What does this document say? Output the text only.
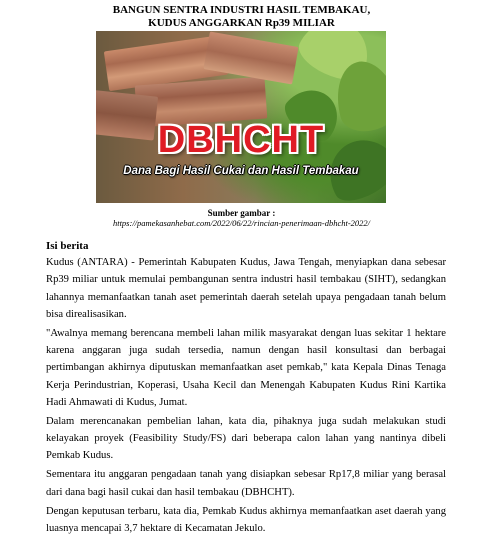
BANGUN SENTRA INDUSTRI HASIL TEMBAKAU,
KUDUS ANGGARKAN Rp39 MILIAR
DBHCHT
Dana Bagi Hasil Cukai dan Hasil Tembakau
Sumber gambar :
https://pamekasanhebat.com/2022/06/22/rincian-penerimaan-dbhcht-2022/
Isi berita

Kudus (ANTARA) - Pemerintah Kabupaten Kudus, Jawa Tengah, menyiapkan dana sebesar Rp39 miliar untuk memulai pembangunan sentra industri hasil tembakau (SIHT), sedangkan lahannya memanfaatkan tanah aset pemerintah daerah setelah upaya pengadaan tanah belum bisa direalisasikan.

"Awalnya memang berencana membeli lahan milik masyarakat dengan luas sekitar 1 hektare karena anggaran juga sudah tersedia, namun dengan hasil konsultasi dan berbagai pertimbangan akhirnya diputuskan memanfaatkan aset pemkab," kata Kepala Dinas Tenaga Kerja Perindustrian, Koperasi, Usaha Kecil dan Menengah Kabupaten Kudus Rini Kartika Hadi Ahmawati di Kudus, Jumat.

Dalam merencanakan pembelian lahan, kata dia, pihaknya juga sudah melakukan studi kelayakan proyek (Feasibility Study/FS) dari beberapa calon lahan yang nantinya dibeli Pemkab Kudus.

Sementara itu anggaran pengadaan tanah yang disiapkan sebesar Rp17,8 miliar yang berasal dari dana bagi hasil cukai dan hasil tembakau (DBHCHT).

Dengan keputusan terbaru, kata dia, Pemkab Kudus akhirnya memanfaatkan aset daerah yang luasnya mencapai 3,7 hektare di Kecamatan Jekulo.
